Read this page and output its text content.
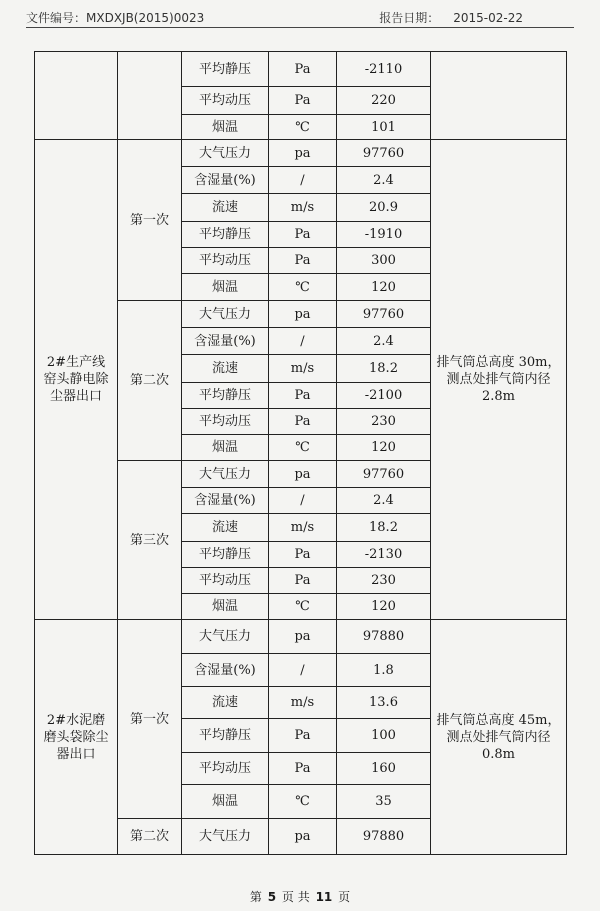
文件编号：MXDXJB(2015)0023	报告日期： 2015-02-22
		平均静压	Pa	-2110	
		平均动压	Pa	220	
		烟温	℃	101	
2#生产线窑头静电除尘器出口	第一次	大气压力	pa	97760	排气筒总高度 30m，测点处排气筒内径 2.8m
		含湿量(%)	/	2.4	
		流速	m/s	20.9	
		平均静压	Pa	-1910	
		平均动压	Pa	300	
		烟温	℃	120	
	第二次	大气压力	pa	97760	
		含湿量(%)	/	2.4	
		流速	m/s	18.2	
		平均静压	Pa	-2100	
		平均动压	Pa	230	
		烟温	℃	120	
	第三次	大气压力	pa	97760	
		含湿量(%)	/	2.4	
		流速	m/s	18.2	
		平均静压	Pa	-2130	
		平均动压	Pa	230	
		烟温	℃	120	
2#水泥磨磨头袋除尘器出口	第一次	大气压力	pa	97880	排气筒总高度 45m，测点处排气筒内径 0.8m
		含湿量(%)	/	1.8	
		流速	m/s	13.6	
		平均静压	Pa	100	
		平均动压	Pa	160	
		烟温	℃	35	
	第二次	大气压力	pa	97880	
第 5 页 共 11 页
